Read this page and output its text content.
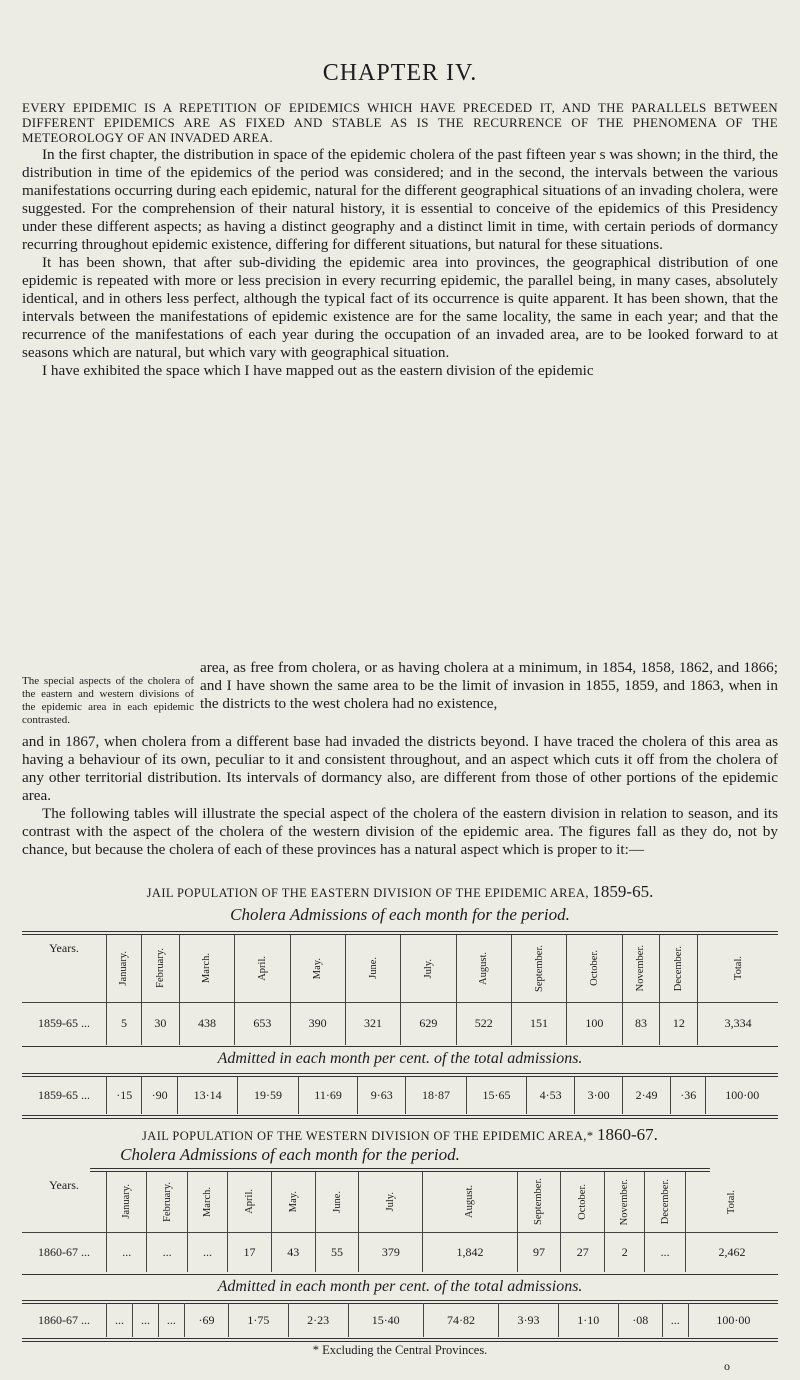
CHAPTER IV.
EVERY EPIDEMIC IS A REPETITION OF EPIDEMICS WHICH HAVE PRECEDED IT, AND THE PARALLELS BETWEEN DIFFERENT EPIDEMICS ARE AS FIXED AND STABLE AS IS THE RECURRENCE OF THE PHENOMENA OF THE METEOROLOGY OF AN INVADED AREA.

In the first chapter, the distribution in space of the epidemic cholera of the past fifteen year s was shown; in the third, the distribution in time of the epidemics of the period was considered; and in the second, the intervals between the various manifestations occurring during each epidemic, natural for the different geographical situations of an invading cholera, were suggested. For the comprehension of their natural history, it is essential to conceive of the epidemics of this Presidency under these different aspects; as having a distinct geography and a distinct limit in time, with certain periods of dormancy recurring throughout epidemic existence, differing for different situations, but natural for these situations.

It has been shown, that after sub-dividing the epidemic area into provinces, the geographical distribution of one epidemic is repeated with more or less precision in every recurring epidemic, the parallel being, in many cases, absolutely identical, and in others less perfect, although the typical fact of its occurrence is quite apparent. It has been shown, that the intervals between the manifestations of epidemic existence are for the same locality, the same in each year; and that the recurrence of the manifestations of each year during the occupation of an invaded area, are to be looked forward to at seasons which are natural, but which vary with geographical situation.

I have exhibited the space which I have mapped out as the eastern division of the epidemic

The special aspects of the cholera of the eastern and western divisions of the epidemic area in each epidemic contrasted.
area, as free from cholera, or as having cholera at a minimum, in 1854, 1858, 1862, and 1866; and I have shown the same area to be the limit of invasion in 1855, 1859, and 1863, when in the districts to the west cholera had no existence,

and in 1867, when cholera from a different base had invaded the districts beyond. I have traced the cholera of this area as having a behaviour of its own, peculiar to it and consistent throughout, and an aspect which cuts it off from the cholera of any other territorial distribution. Its intervals of dormancy also, are different from those of other portions of the epidemic area.

The following tables will illustrate the special aspect of the cholera of the eastern division in relation to season, and its contrast with the aspect of the cholera of the western division of the epidemic area. The figures fall as they do, not by chance, but because the cholera of each of these provinces has a natural aspect which is proper to it:—

JAIL POPULATION OF THE EASTERN DIVISION OF THE EPIDEMIC AREA, 1859-65.
Cholera Admissions of each month for the period.
Years.	January.	February.	March.	April.	May.	June.	July.	August.	September.	October.	November.	December.	Total.

1859-65 ...	5	30	438	653	390	321	629	522	151	100	83	12	3,334
Admitted in each month per cent. of the total admissions.
1859-65 ...	·15	·90	13·14	19·59	11·69	9·63	18·87	15·65	4·53	3·00	2·49	·36	100·00
JAIL POPULATION OF THE WESTERN DIVISION OF THE EPIDEMIC AREA,* 1860-67.
Cholera Admissions of each month for the period.
Years.	January.	February.	March.	April.	May.	June.	July.	August.	September.	October.	November.	December.	Total.

1860-67 ...	...	...	...	17	43	55	379	1,842	97	27	2	...	2,462
Admitted in each month per cent. of the total admissions.
1860-67 ...	...	...	...	·69	1·75	2·23	15·40	74·82	3·93	1·10	·08	...	100·00
* Excluding the Central Provinces.
o
